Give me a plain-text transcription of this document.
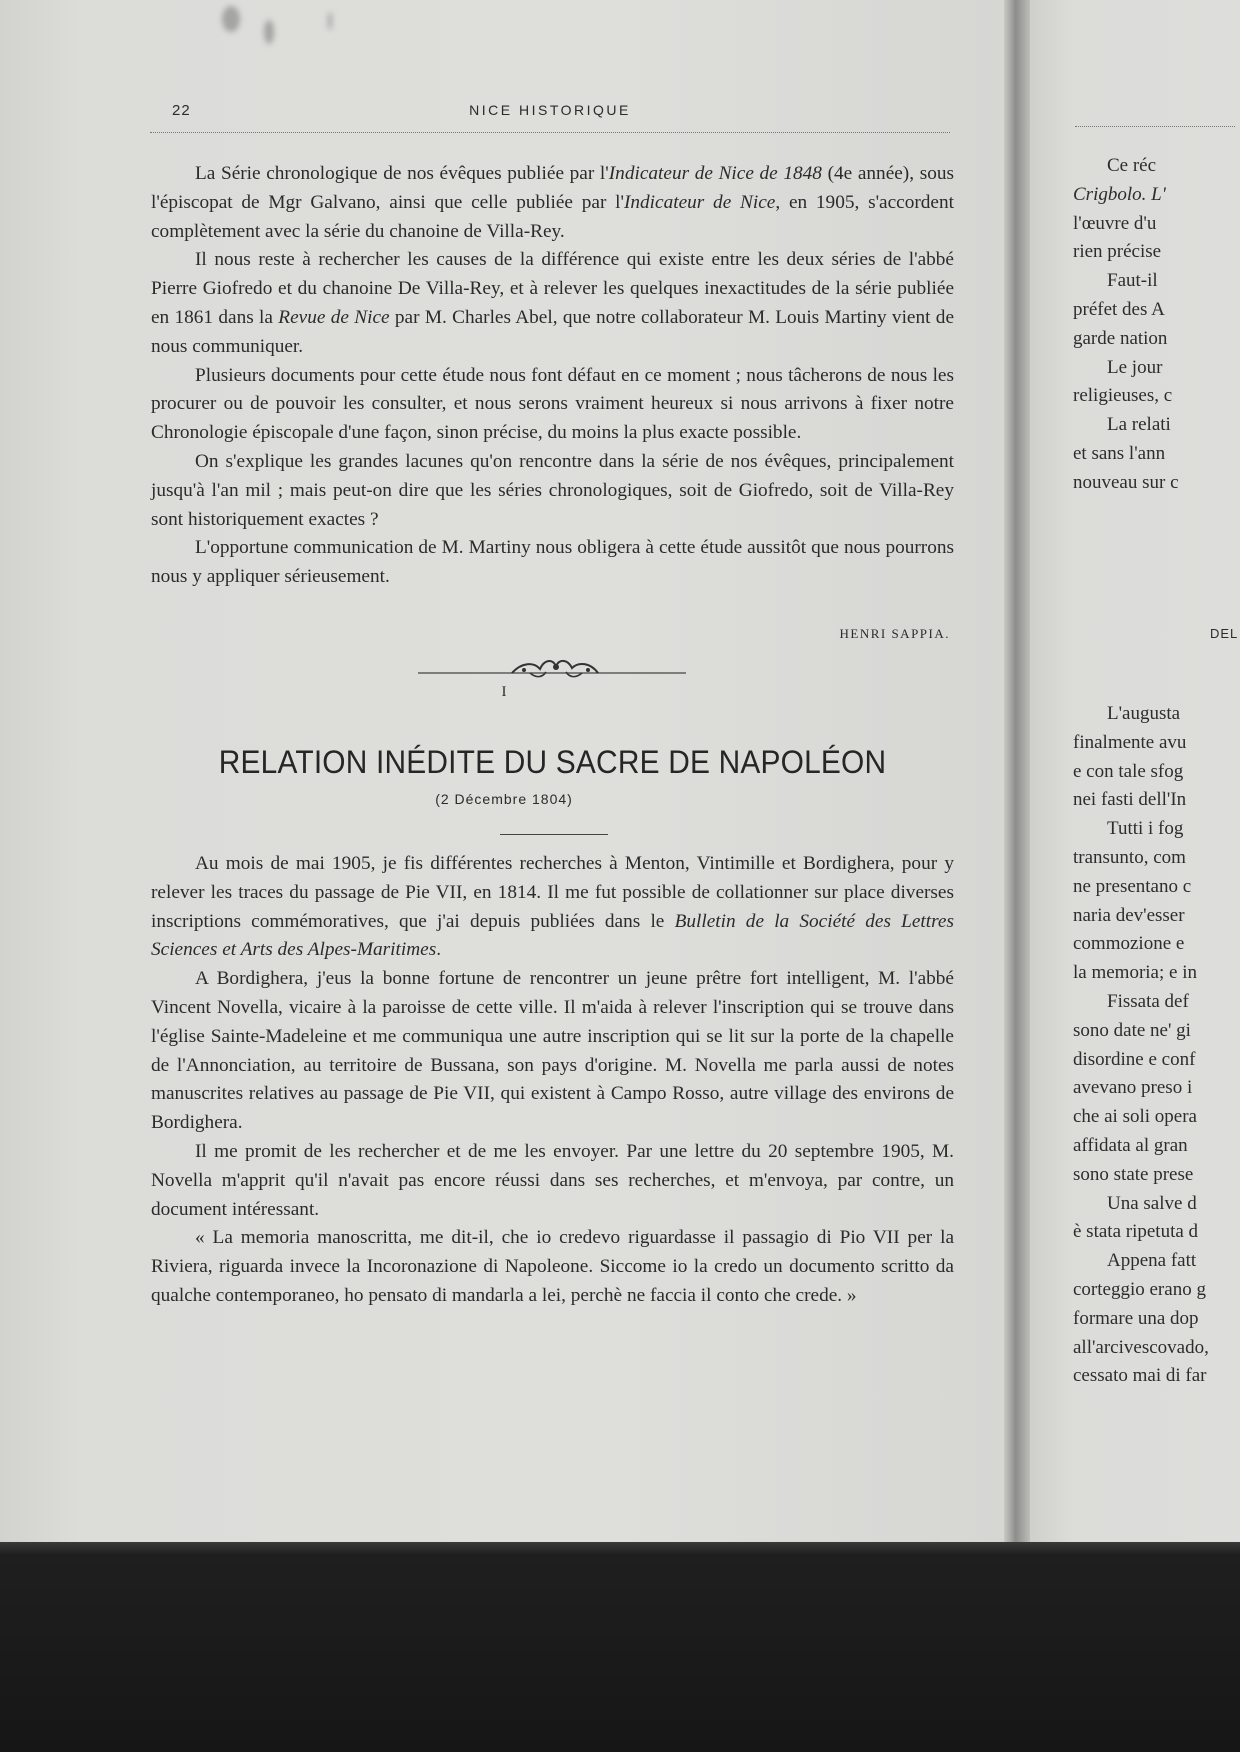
22	NICE HISTORIQUE

La Série chronologique de nos évêques publiée par l'Indicateur de Nice de 1848 (4e année), sous l'épiscopat de Mgr Galvano, ainsi que celle publiée par l'Indicateur de Nice, en 1905, s'accordent complètement avec la série du chanoine de Villa-Rey.

Il nous reste à rechercher les causes de la différence qui existe entre les deux séries de l'abbé Pierre Giofredo et du chanoine De Villa-Rey, et à relever les quelques inexactitudes de la série publiée en 1861 dans la Revue de Nice par M. Charles Abel, que notre collaborateur M. Louis Martiny vient de nous communiquer.

Plusieurs documents pour cette étude nous font défaut en ce moment ; nous tâcherons de nous les procurer ou de pouvoir les consulter, et nous serons vraiment heureux si nous arrivons à fixer notre Chronologie épiscopale d'une façon, sinon précise, du moins la plus exacte possible.

On s'explique les grandes lacunes qu'on rencontre dans la série de nos évêques, principalement jusqu'à l'an mil ; mais peut-on dire que les séries chronologiques, soit de Giofredo, soit de Villa-Rey sont historiquement exactes ?

L'opportune communication de M. Martiny nous obligera à cette étude aussitôt que nous pourrons nous y appliquer sérieusement.

HENRI SAPPIA.
I
RELATION INÉDITE DU SACRE DE NAPOLÉON
(2 Décembre 1804)

Au mois de mai 1905, je fis différentes recherches à Menton, Vintimille et Bordighera, pour y relever les traces du passage de Pie VII, en 1814. Il me fut possible de collationner sur place diverses inscriptions commémoratives, que j'ai depuis publiées dans le Bulletin de la Société des Lettres Sciences et Arts des Alpes-Maritimes.

A Bordighera, j'eus la bonne fortune de rencontrer un jeune prêtre fort intelligent, M. l'abbé Vincent Novella, vicaire à la paroisse de cette ville. Il m'aida à relever l'inscription qui se trouve dans l'église Sainte-Madeleine et me communiqua une autre inscription qui se lit sur la porte de la chapelle de l'Annonciation, au territoire de Bussana, son pays d'origine. M. Novella me parla aussi de notes manuscrites relatives au passage de Pie VII, qui existent à Campo Rosso, autre village des environs de Bordighera.

Il me promit de les rechercher et de me les envoyer. Par une lettre du 20 septembre 1905, M. Novella m'apprit qu'il n'avait pas encore réussi dans ses recherches, et m'envoya, par contre, un document intéressant.

« La memoria manoscritta, me dit-il, che io credevo riguardasse il passagio di Pio VII per la Riviera, riguarda invece la Incoronazione di Napoleone. Siccome io la credo un documento scritto da qualche contemporaneo, ho pensato di mandarla a lei, perchè ne faccia il conto che crede. »

Ce réc
Crigbolo. L'
l'œuvre d'u
rien précise
Faut-il
préfet des A
garde nation
Le jour
religieuses, c
La relati
et sans l'ann
nouveau sur c
DEL
L'augusta
finalmente avu
e con tale sfog
nei fasti dell'In
Tutti i fog
transunto, com
ne presentano c
naria dev'esser
commozione e
la memoria; e in
Fissata def
sono date ne' gi
disordine e conf
avevano preso i
che ai soli opera
affidata al gran
sono state prese
Una salve d
è stata ripetuta d
Appena fatt
corteggio erano g
formare una dop
all'arcivescovado,
cessato mai di far
